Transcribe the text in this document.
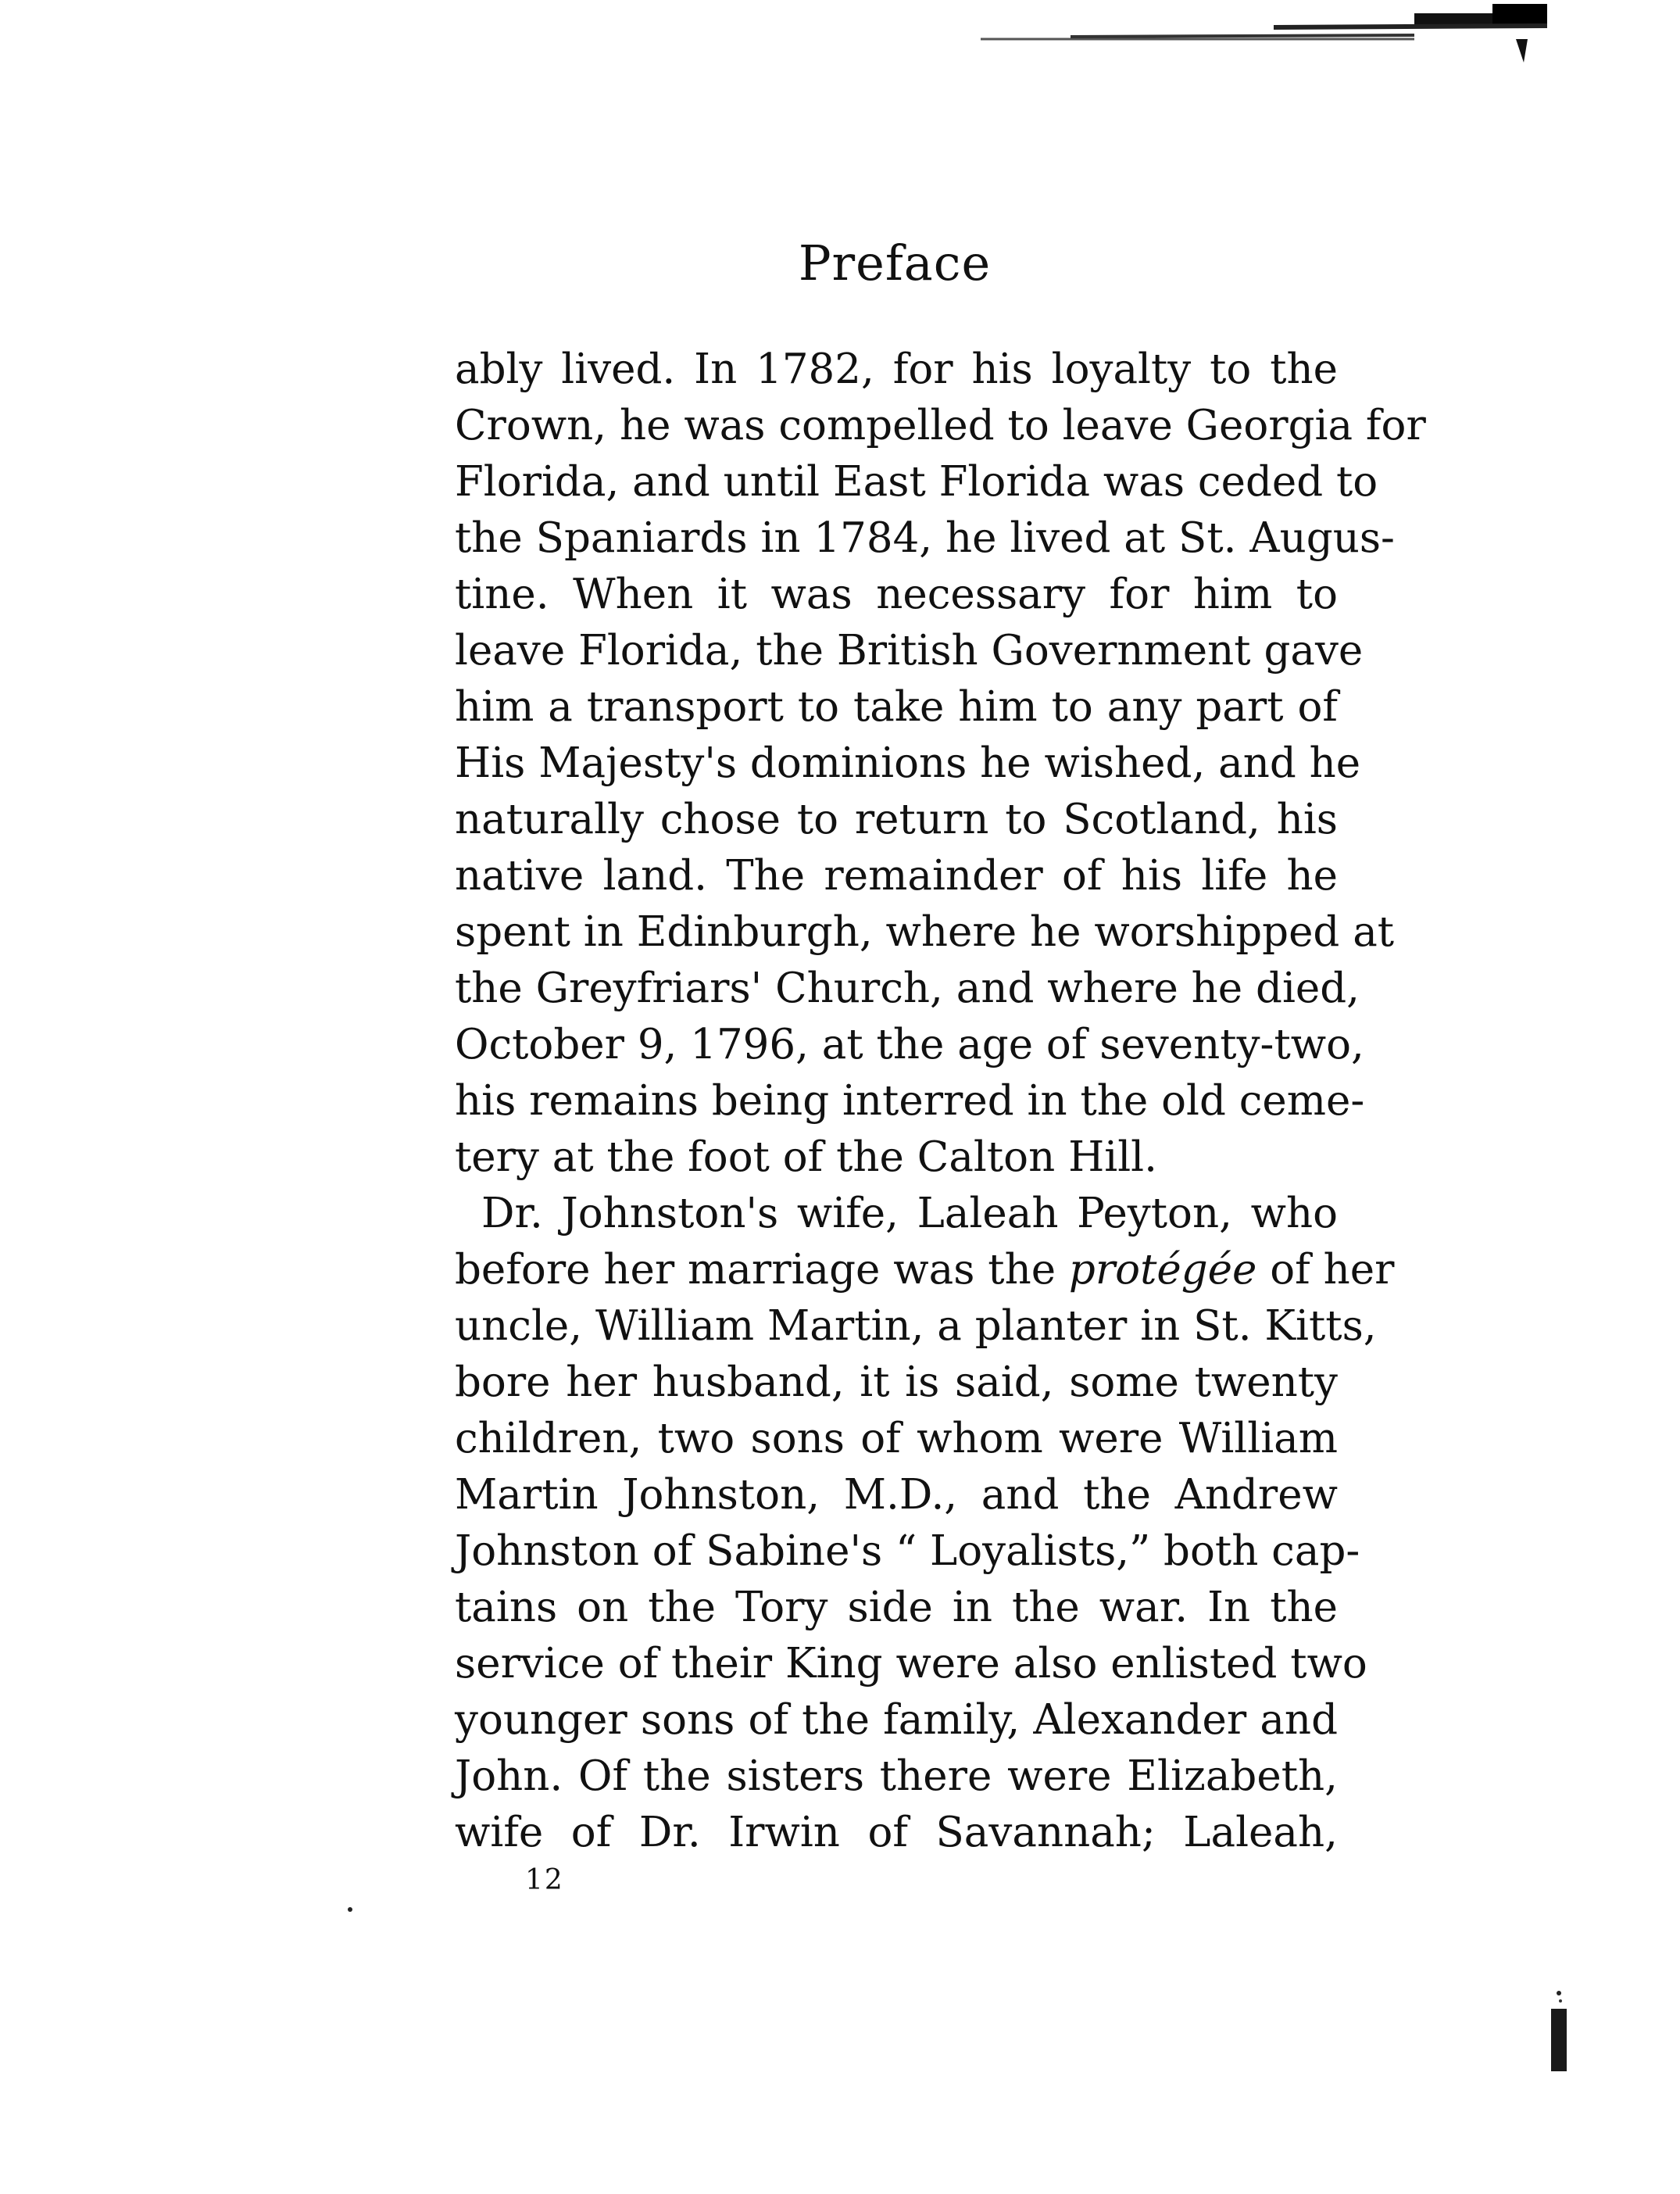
Preface
ably lived. In 1782, for his loyalty to the
Crown, he was compelled to leave Georgia for
Florida, and until East Florida was ceded to
the Spaniards in 1784, he lived at St. Augus-
tine. When it was necessary for him to
leave Florida, the British Government gave
him a transport to take him to any part of
His Majesty's dominions he wished, and he
naturally chose to return to Scotland, his
native land. The remainder of his life he
spent in Edinburgh, where he worshipped at
the Greyfriars' Church, and where he died,
October 9, 1796, at the age of seventy-two,
his remains being interred in the old ceme-
tery at the foot of the Calton Hill.
Dr. Johnston's wife, Laleah Peyton, who
before her marriage was the protégée of her
uncle, William Martin, a planter in St. Kitts,
bore her husband, it is said, some twenty
children, two sons of whom were William
Martin Johnston, M.D., and the Andrew
Johnston of Sabine's “ Loyalists,” both cap-
tains on the Tory side in the war. In the
service of their King were also enlisted two
younger sons of the family, Alexander and
John. Of the sisters there were Elizabeth,
wife of Dr. Irwin of Savannah; Laleah,
12
